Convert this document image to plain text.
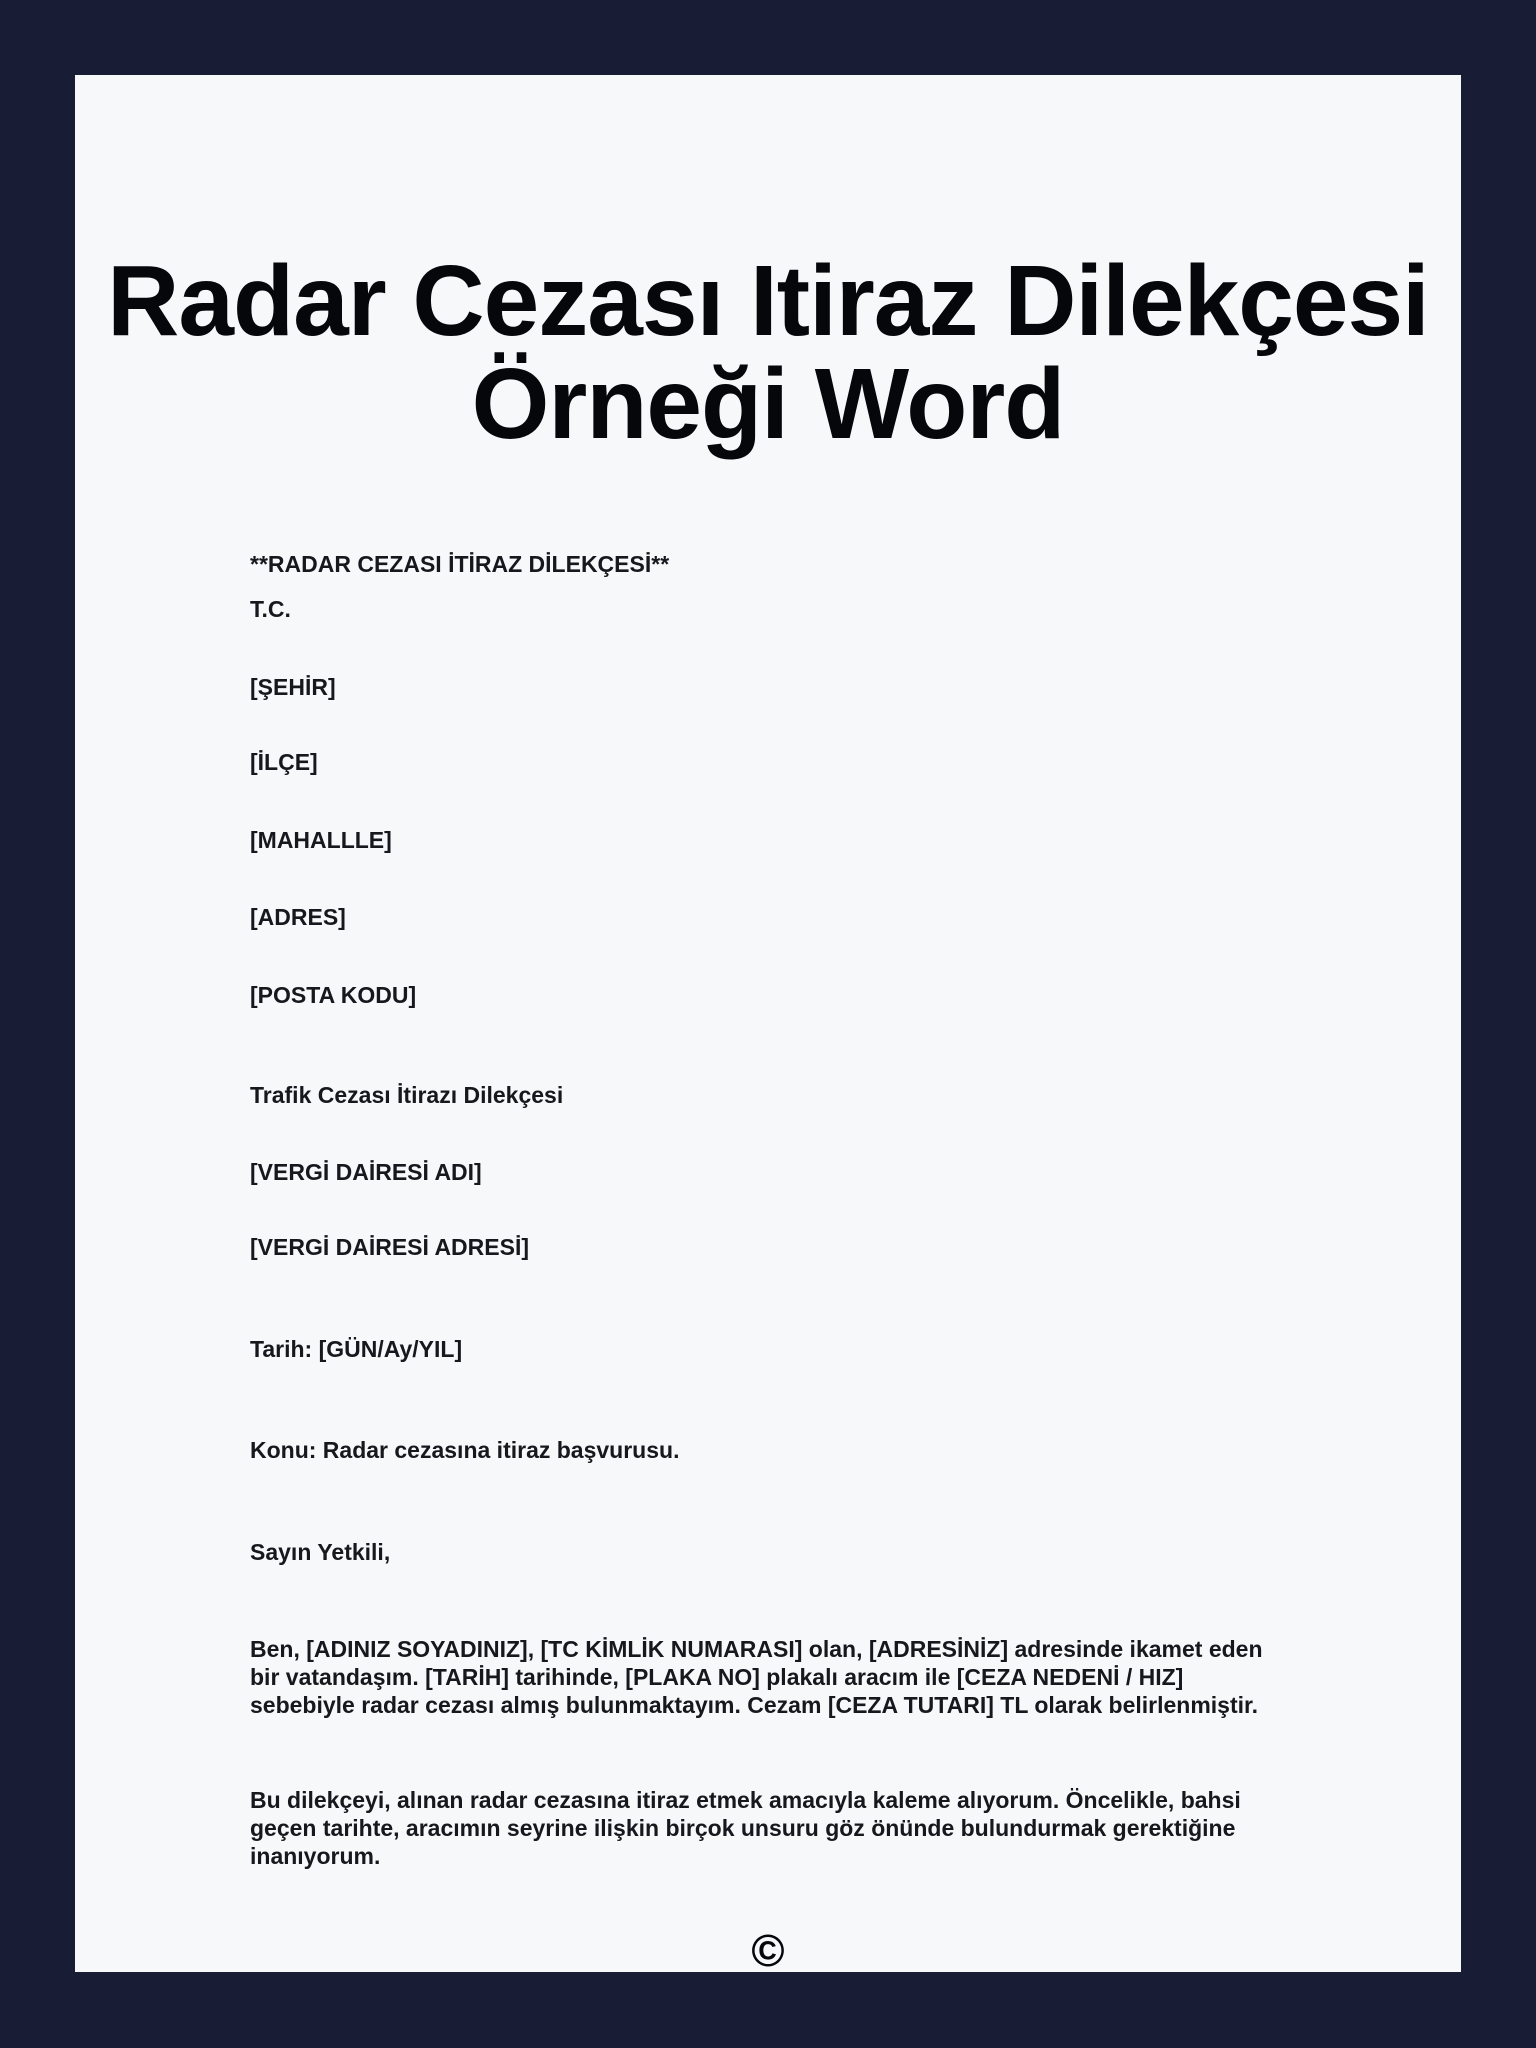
Radar Cezası Itiraz Dilekçesi
Örneği Word

**RADAR CEZASI İTİRAZ DİLEKÇESİ**

T.C.

[ŞEHİR]

[İLÇE]

[MAHALLLE]

[ADRES]

[POSTA KODU]

Trafik Cezası İtirazı Dilekçesi

[VERGİ DAİRESİ ADI]

[VERGİ DAİRESİ ADRESİ]

Tarih: [GÜN/Ay/YIL]

Konu: Radar cezasına itiraz başvurusu.

Sayın Yetkili,

Ben, [ADINIZ SOYADINIZ], [TC KİMLİK NUMARASI] olan, [ADRESİNİZ] adresinde ikamet eden bir vatandaşım. [TARİH] tarihinde, [PLAKA NO] plakalı aracım ile [CEZA NEDENİ / HIZ] sebebiyle radar cezası almış bulunmaktayım. Cezam [CEZA TUTARI] TL olarak belirlenmiştir.

Bu dilekçeyi, alınan radar cezasına itiraz etmek amacıyla kaleme alıyorum. Öncelikle, bahsi geçen tarihte, aracımın seyrine ilişkin birçok unsuru göz önünde bulundurmak gerektiğine inanıyorum.

©
